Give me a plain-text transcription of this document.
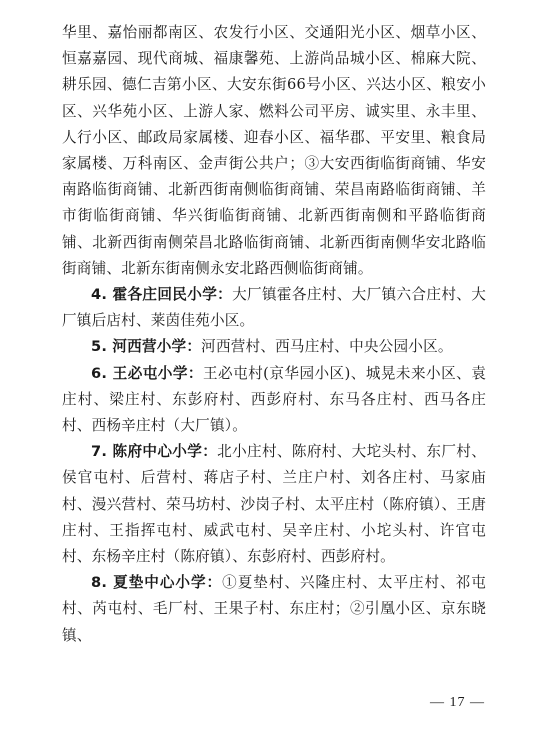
华里、嘉怡丽都南区、农发行小区、交通阳光小区、烟草小区、恒嘉嘉园、现代商城、福康馨苑、上游尚品城小区、棉麻大院、耕乐园、德仁吉第小区、大安东街66号小区、兴达小区、粮安小区、兴华苑小区、上游人家、燃料公司平房、诚实里、永丰里、人行小区、邮政局家属楼、迎春小区、福华郡、平安里、粮食局家属楼、万科南区、金声街公共户；③大安西街临街商铺、华安南路临街商铺、北新西街南侧临街商铺、荣昌南路临街商铺、羊市街临街商铺、华兴街临街商铺、北新西街南侧和平路临街商铺、北新西街南侧荣昌北路临街商铺、北新西街南侧华安北路临街商铺、北新东街南侧永安北路西侧临街商铺。

4. 霍各庄回民小学：大厂镇霍各庄村、大厂镇六合庄村、大厂镇后店村、莱茵佳苑小区。

5. 河西营小学：河西营村、西马庄村、中央公园小区。

6. 王必屯小学：王必屯村(京华园小区)、城晃未来小区、袁庄村、梁庄村、东彭府村、西彭府村、东马各庄村、西马各庄村、西杨辛庄村（大厂镇）。

7. 陈府中心小学：北小庄村、陈府村、大坨头村、东厂村、侯官屯村、后营村、蒋店子村、兰庄户村、刘各庄村、马家庙村、漫兴营村、荣马坊村、沙岗子村、太平庄村（陈府镇）、王唐庄村、王指挥屯村、威武屯村、吴辛庄村、小坨头村、许官屯村、东杨辛庄村（陈府镇）、东彭府村、西彭府村。

8. 夏垫中心小学：①夏垫村、兴隆庄村、太平庄村、祁屯村、芮屯村、毛厂村、王果子村、东庄村；②引凰小区、京东晓镇、

— 17 —
